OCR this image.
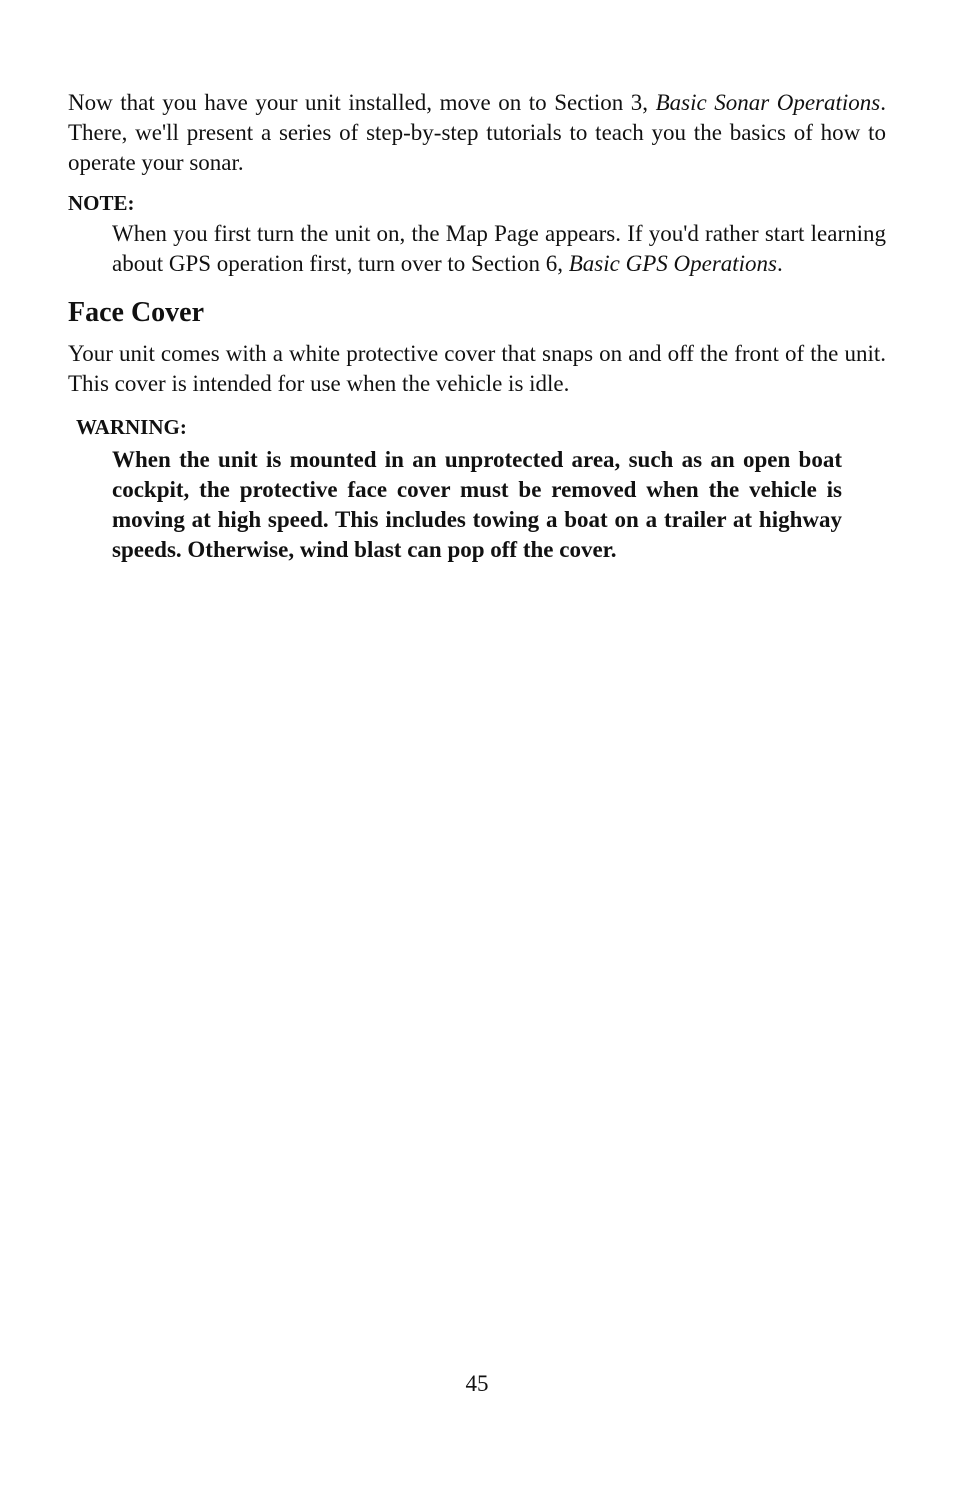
Now that you have your unit installed, move on to Section 3, Basic Sonar Operations. There, we'll present a series of step-by-step tutorials to teach you the basics of how to operate your sonar.

NOTE:

When you first turn the unit on, the Map Page appears. If you'd rather start learning about GPS operation first, turn over to Section 6, Basic GPS Operations.

Face Cover

Your unit comes with a white protective cover that snaps on and off the front of the unit. This cover is intended for use when the vehicle is idle.

WARNING:

When the unit is mounted in an unprotected area, such as an open boat cockpit, the protective face cover must be removed when the vehicle is moving at high speed. This includes towing a boat on a trailer at highway speeds. Otherwise, wind blast can pop off the cover.

45
